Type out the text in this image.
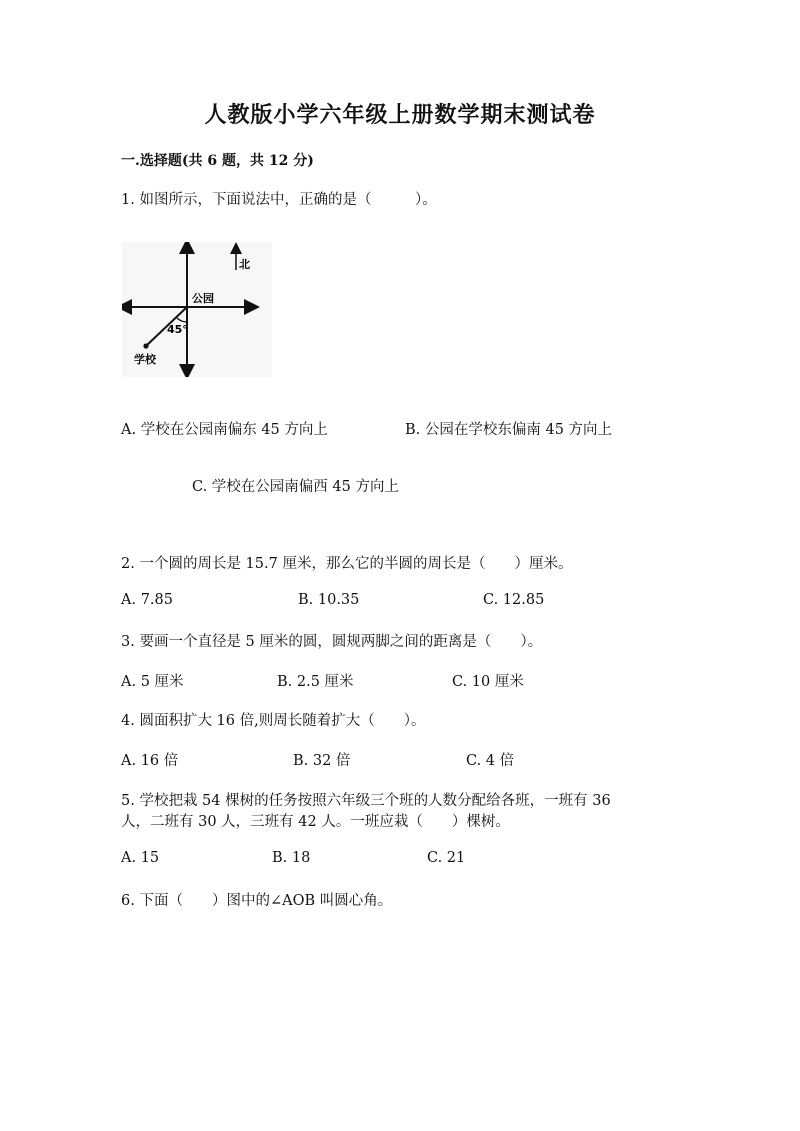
人教版小学六年级上册数学期末测试卷
一.选择题(共 6 题，共 12 分)
1. 如图所示，下面说法中，正确的是（　　　）。
北
公园
45°
学校
A. 学校在公园南偏东 45 方向上	B. 公园在学校东偏南 45 方向上
C. 学校在公园南偏西 45 方向上
2. 一个圆的周长是 15.7 厘米，那么它的半圆的周长是（　　）厘米。
A. 7.85	B. 10.35	C. 12.85
3. 要画一个直径是 5 厘米的圆，圆规两脚之间的距离是（　　）。
A. 5 厘米	B. 2.5 厘米	C. 10 厘米
4. 圆面积扩大 16 倍,则周长随着扩大（　　）。
A. 16 倍	B. 32 倍	C. 4 倍
5. 学校把栽 54 棵树的任务按照六年级三个班的人数分配给各班，一班有 36
人，二班有 30 人，三班有 42 人。一班应栽（　　）棵树。
A. 15	B. 18	C. 21
6. 下面（　　）图中的∠AOB 叫圆心角。
